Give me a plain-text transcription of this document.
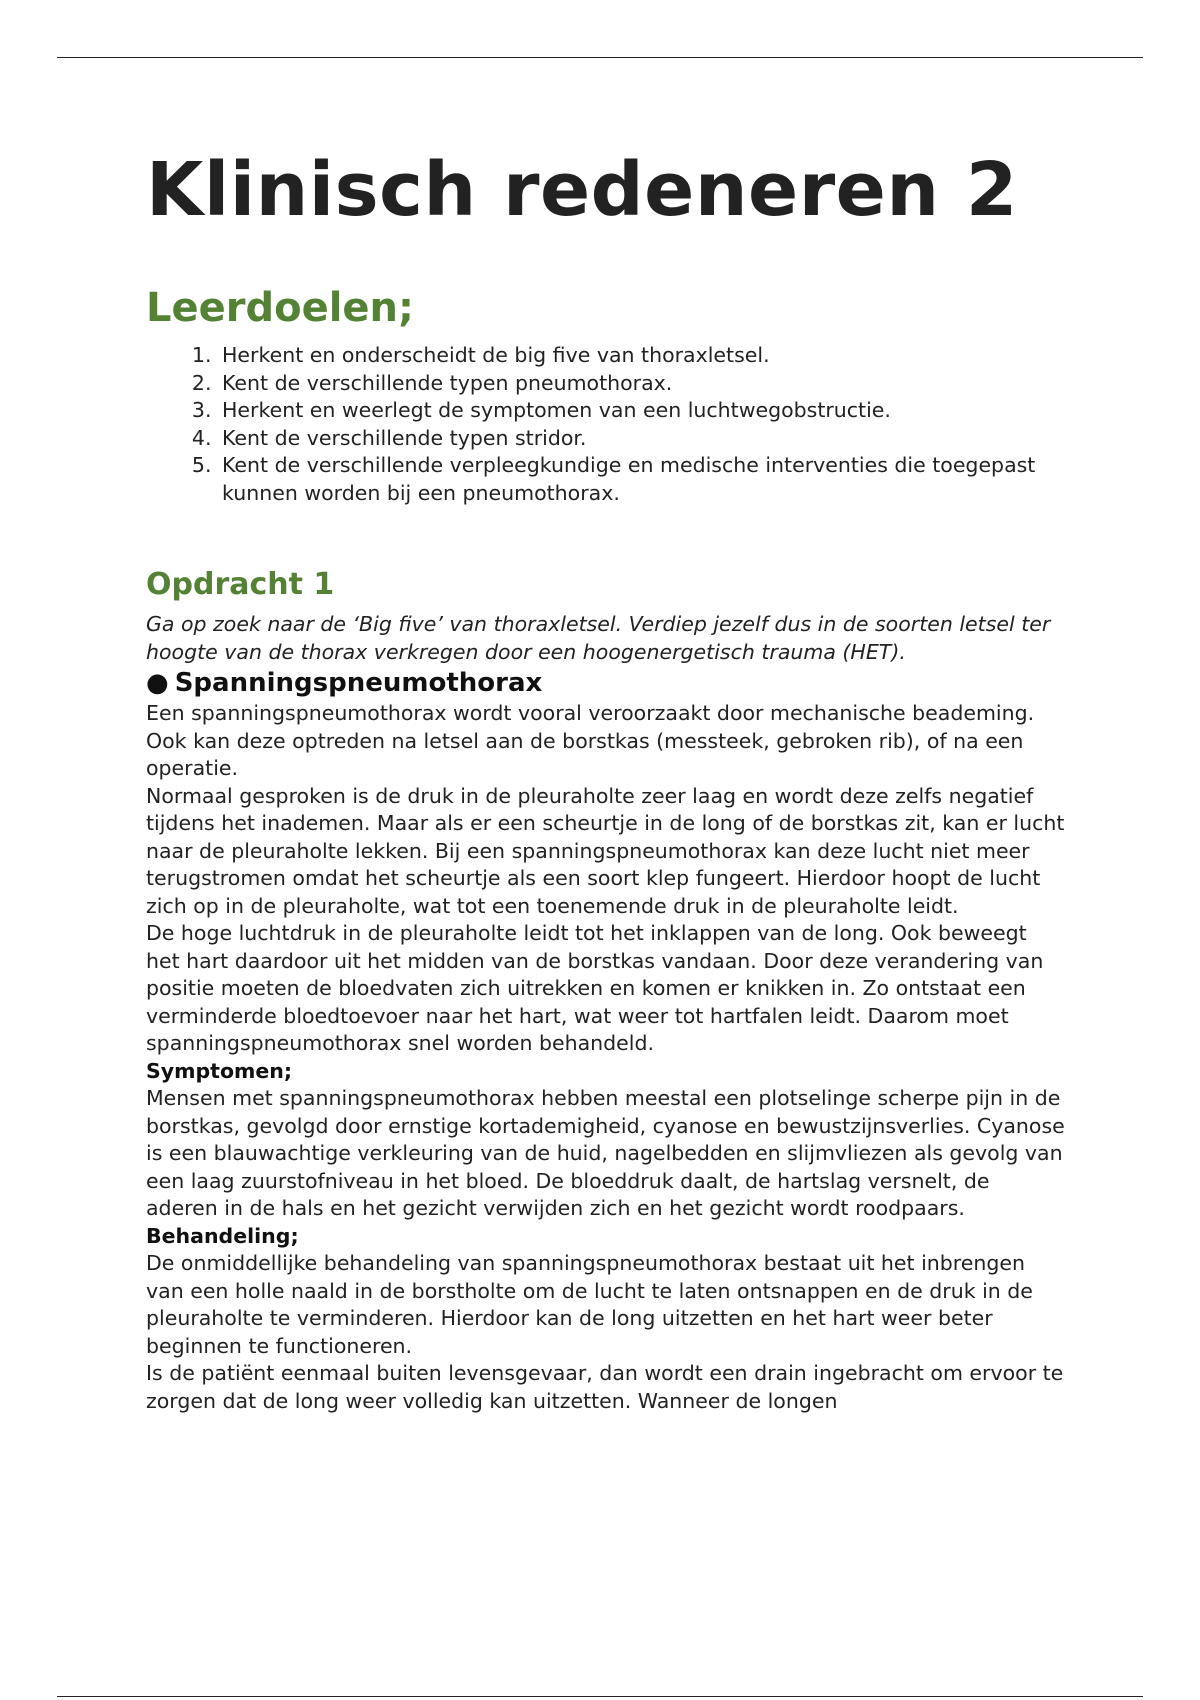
Klinisch redeneren 2
Leerdoelen;
1. Herkent en onderscheidt de big five van thoraxletsel.
2. Kent de verschillende typen pneumothorax.
3. Herkent en weerlegt de symptomen van een luchtwegobstructie.
4. Kent de verschillende typen stridor.
5. Kent de verschillende verpleegkundige en medische interventies die toegepast kunnen worden bij een pneumothorax.
Opdracht 1

Ga op zoek naar de ‘Big five’ van thoraxletsel. Verdiep jezelf dus in de soorten letsel ter hoogte van de thorax verkregen door een hoogenergetisch trauma (HET).

● Spanningspneumothorax

Een spanningspneumothorax wordt vooral veroorzaakt door mechanische beademing. Ook kan deze optreden na letsel aan de borstkas (messteek, gebroken rib), of na een operatie.

Normaal gesproken is de druk in de pleuraholte zeer laag en wordt deze zelfs negatief tijdens het inademen. Maar als er een scheurtje in de long of de borstkas zit, kan er lucht naar de pleuraholte lekken. Bij een spanningspneumothorax kan deze lucht niet meer terugstromen omdat het scheurtje als een soort klep fungeert. Hierdoor hoopt de lucht zich op in de pleuraholte, wat tot een toenemende druk in de pleuraholte leidt.

De hoge luchtdruk in de pleuraholte leidt tot het inklappen van de long. Ook beweegt het hart daardoor uit het midden van de borstkas vandaan. Door deze verandering van positie moeten de bloedvaten zich uitrekken en komen er knikken in. Zo ontstaat een verminderde bloedtoevoer naar het hart, wat weer tot hartfalen leidt. Daarom moet spanningspneumothorax snel worden behandeld.

Symptomen;

Mensen met spanningspneumothorax hebben meestal een plotselinge scherpe pijn in de borstkas, gevolgd door ernstige kortademigheid, cyanose en bewustzijnsverlies. Cyanose is een blauwachtige verkleuring van de huid, nagelbedden en slijmvliezen als gevolg van een laag zuurstofniveau in het bloed. De bloeddruk daalt, de hartslag versnelt, de aderen in de hals en het gezicht verwijden zich en het gezicht wordt roodpaars.

Behandeling;

De onmiddellijke behandeling van spanningspneumothorax bestaat uit het inbrengen van een holle naald in de borstholte om de lucht te laten ontsnappen en de druk in de pleuraholte te verminderen. Hierdoor kan de long uitzetten en het hart weer beter beginnen te functioneren.

Is de patiënt eenmaal buiten levensgevaar, dan wordt een drain ingebracht om ervoor te zorgen dat de long weer volledig kan uitzetten. Wanneer de longen
